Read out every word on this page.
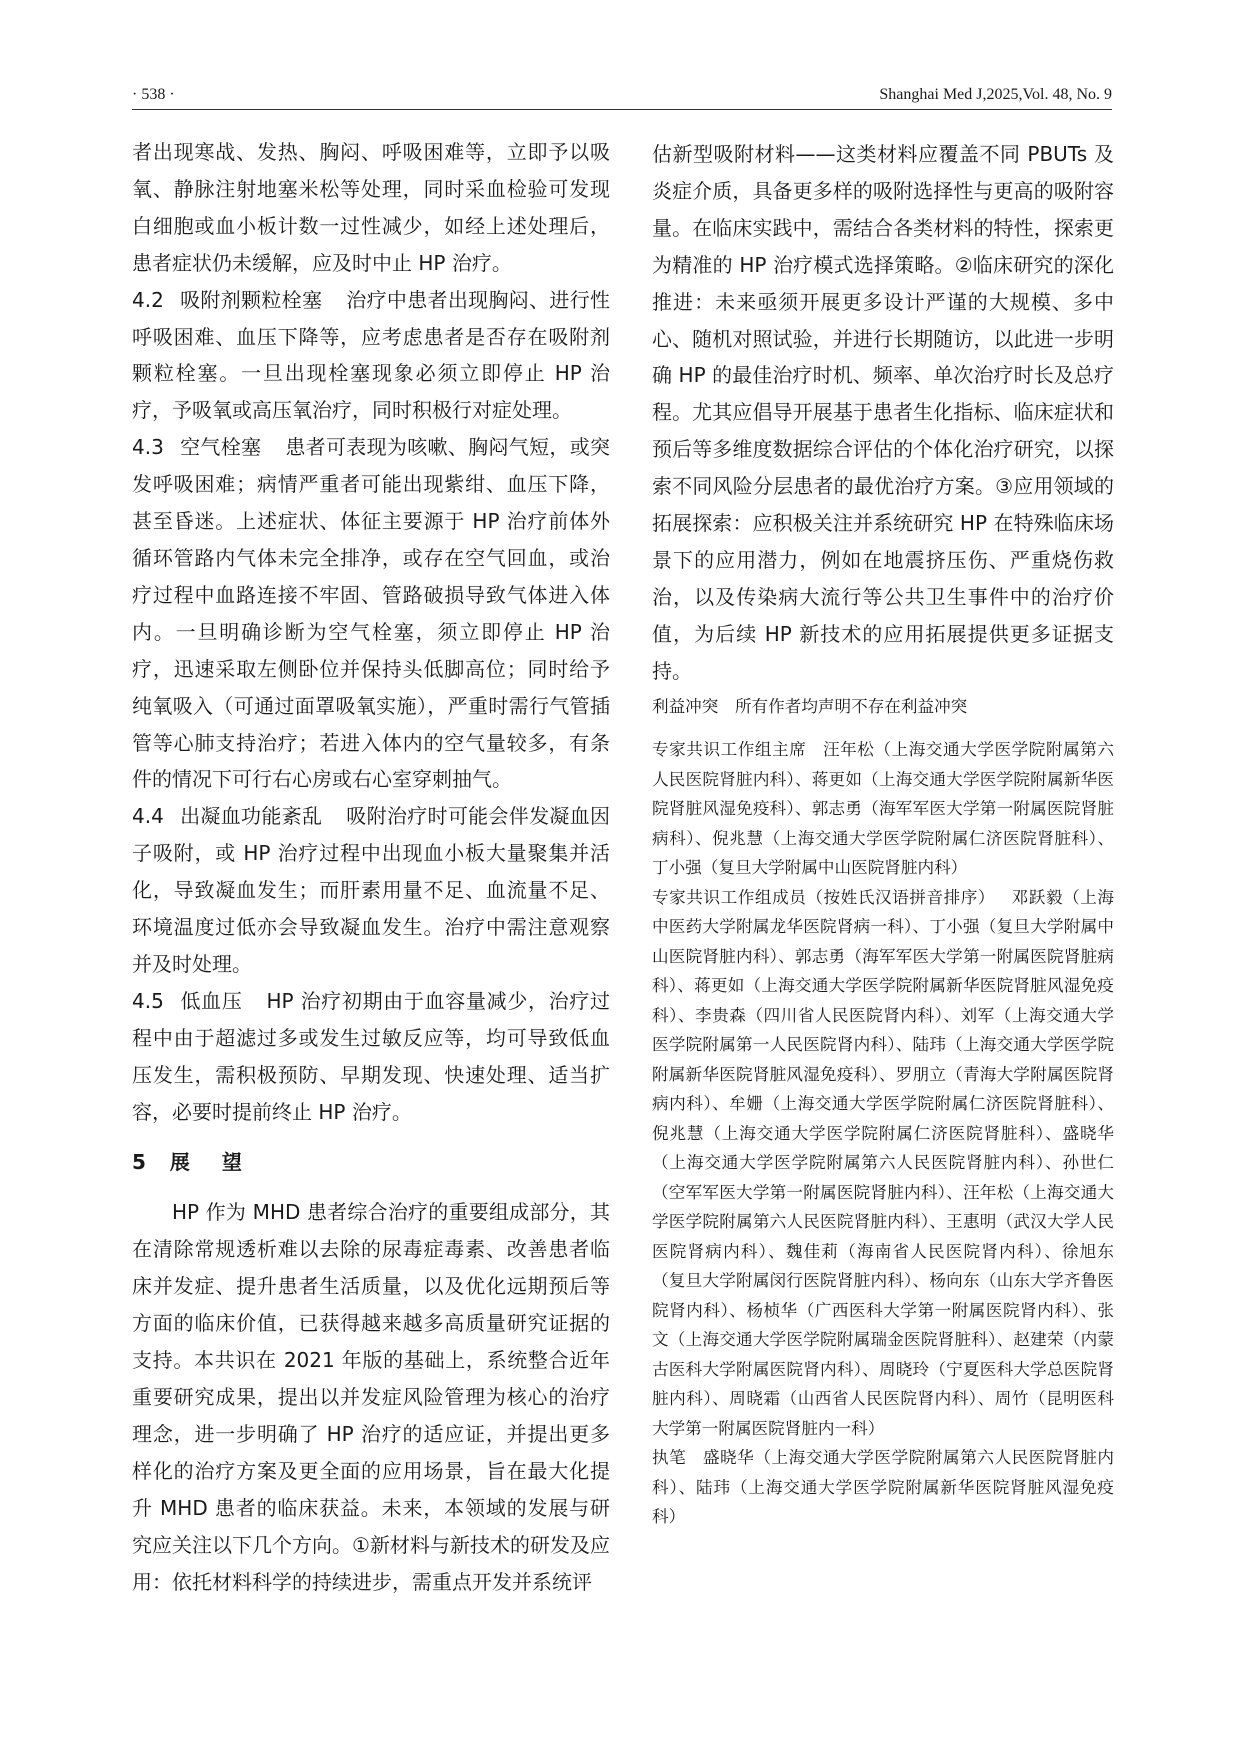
· 538 ·	Shanghai Med J,2025,Vol. 48, No. 9

者出现寒战、发热、胸闷、呼吸困难等，立即予以吸氧、静脉注射地塞米松等处理，同时采血检验可发现白细胞或血小板计数一过性减少，如经上述处理后，患者症状仍未缓解，应及时中止 HP 治疗。

4.2 吸附剂颗粒栓塞 治疗中患者出现胸闷、进行性呼吸困难、血压下降等，应考虑患者是否存在吸附剂颗粒栓塞。一旦出现栓塞现象必须立即停止 HP 治疗，予吸氧或高压氧治疗，同时积极行对症处理。

4.3 空气栓塞 患者可表现为咳嗽、胸闷气短，或突发呼吸困难；病情严重者可能出现紫绀、血压下降，甚至昏迷。上述症状、体征主要源于 HP 治疗前体外循环管路内气体未完全排净，或存在空气回血，或治疗过程中血路连接不牢固、管路破损导致气体进入体内。一旦明确诊断为空气栓塞，须立即停止 HP 治疗，迅速采取左侧卧位并保持头低脚高位；同时给予纯氧吸入（可通过面罩吸氧实施），严重时需行气管插管等心肺支持治疗；若进入体内的空气量较多，有条件的情况下可行右心房或右心室穿刺抽气。

4.4 出凝血功能紊乱 吸附治疗时可能会伴发凝血因子吸附，或 HP 治疗过程中出现血小板大量聚集并活化，导致凝血发生；而肝素用量不足、血流量不足、环境温度过低亦会导致凝血发生。治疗中需注意观察并及时处理。

4.5 低血压 HP 治疗初期由于血容量减少，治疗过程中由于超滤过多或发生过敏反应等，均可导致低血压发生，需积极预防、早期发现、快速处理、适当扩容，必要时提前终止 HP 治疗。

5 展望

HP 作为 MHD 患者综合治疗的重要组成部分，其在清除常规透析难以去除的尿毒症毒素、改善患者临床并发症、提升患者生活质量，以及优化远期预后等方面的临床价值，已获得越来越多高质量研究证据的支持。本共识在 2021 年版的基础上，系统整合近年重要研究成果，提出以并发症风险管理为核心的治疗理念，进一步明确了 HP 治疗的适应证，并提出更多样化的治疗方案及更全面的应用场景，旨在最大化提升 MHD 患者的临床获益。未来，本领域的发展与研究应关注以下几个方向。①新材料与新技术的研发及应用：依托材料科学的持续进步，需重点开发并系统评

估新型吸附材料——这类材料应覆盖不同 PBUTs 及炎症介质，具备更多样的吸附选择性与更高的吸附容量。在临床实践中，需结合各类材料的特性，探索更为精准的 HP 治疗模式选择策略。②临床研究的深化推进：未来亟须开展更多设计严谨的大规模、多中心、随机对照试验，并进行长期随访，以此进一步明确 HP 的最佳治疗时机、频率、单次治疗时长及总疗程。尤其应倡导开展基于患者生化指标、临床症状和预后等多维度数据综合评估的个体化治疗研究，以探索不同风险分层患者的最优治疗方案。③应用领域的拓展探索：应积极关注并系统研究 HP 在特殊临床场景下的应用潜力，例如在地震挤压伤、严重烧伤救治，以及传染病大流行等公共卫生事件中的治疗价值，为后续 HP 新技术的应用拓展提供更多证据支持。

利益冲突 所有作者均声明不存在利益冲突

专家共识工作组主席 汪年松（上海交通大学医学院附属第六人民医院肾脏内科）、蒋更如（上海交通大学医学院附属新华医院肾脏风湿免疫科）、郭志勇（海军军医大学第一附属医院肾脏病科）、倪兆慧（上海交通大学医学院附属仁济医院肾脏科）、丁小强（复旦大学附属中山医院肾脏内科）

专家共识工作组成员（按姓氏汉语拼音排序） 邓跃毅（上海中医药大学附属龙华医院肾病一科）、丁小强（复旦大学附属中山医院肾脏内科）、郭志勇（海军军医大学第一附属医院肾脏病科）、蒋更如（上海交通大学医学院附属新华医院肾脏风湿免疫科）、李贵森（四川省人民医院肾内科）、刘军（上海交通大学医学院附属第一人民医院肾内科）、陆玮（上海交通大学医学院附属新华医院肾脏风湿免疫科）、罗朋立（青海大学附属医院肾病内科）、牟姗（上海交通大学医学院附属仁济医院肾脏科）、倪兆慧（上海交通大学医学院附属仁济医院肾脏科）、盛晓华（上海交通大学医学院附属第六人民医院肾脏内科）、孙世仁（空军军医大学第一附属医院肾脏内科）、汪年松（上海交通大学医学院附属第六人民医院肾脏内科）、王惠明（武汉大学人民医院肾病内科）、魏佳莉（海南省人民医院肾内科）、徐旭东（复旦大学附属闵行医院肾脏内科）、杨向东（山东大学齐鲁医院肾内科）、杨桢华（广西医科大学第一附属医院肾内科）、张文（上海交通大学医学院附属瑞金医院肾脏科）、赵建荣（内蒙古医科大学附属医院肾内科）、周晓玲（宁夏医科大学总医院肾脏内科）、周晓霜（山西省人民医院肾内科）、周竹（昆明医科大学第一附属医院肾脏内一科）

执笔 盛晓华（上海交通大学医学院附属第六人民医院肾脏内科）、陆玮（上海交通大学医学院附属新华医院肾脏风湿免疫科）
